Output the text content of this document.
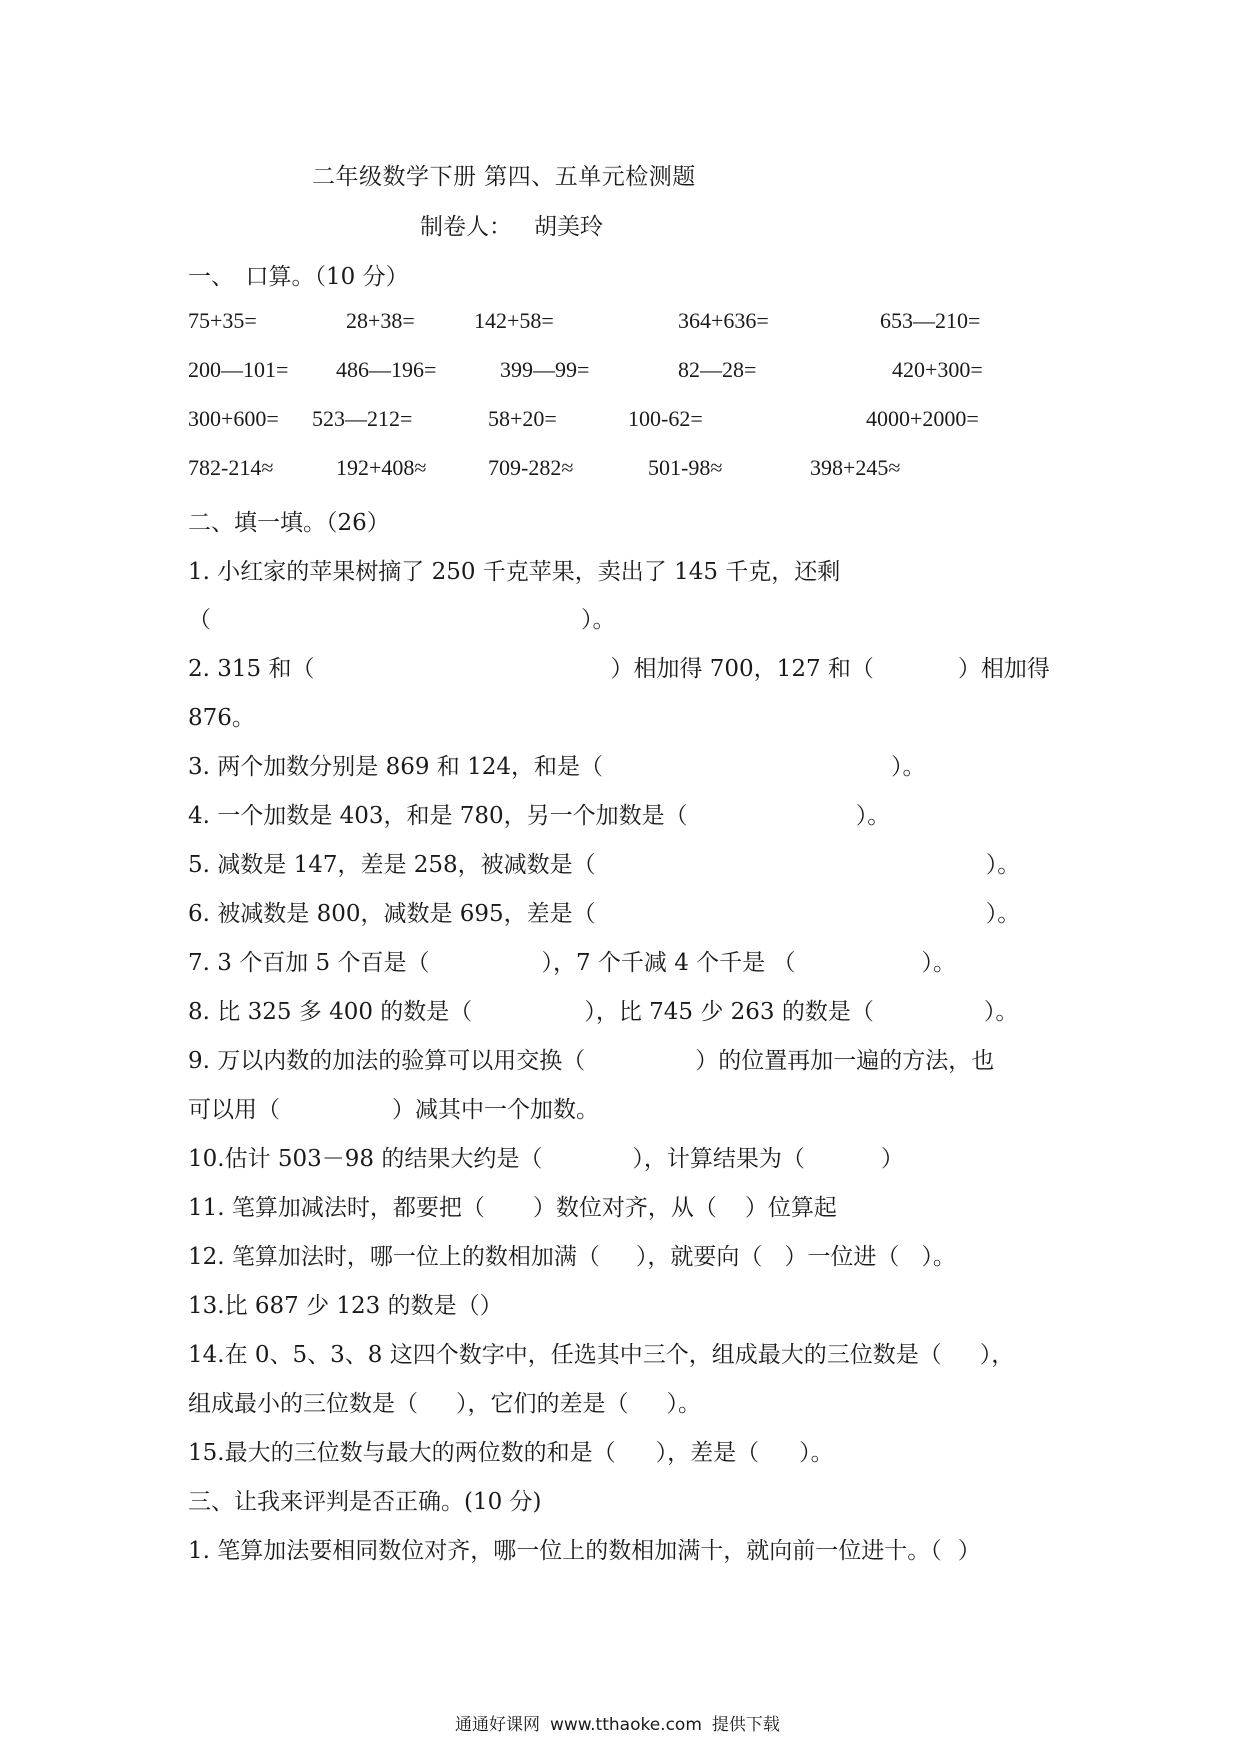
二年级数学下册 第四、五单元检测题
制卷人： 胡美玲
一、　口算。（10 分）
75+35=	28+38=	142+58=	364+636=	653—210=
200—101= 486—196=	399—99=	82—28=	420+300=
300+600= 523—212=	58+20=	100-62=	4000+2000=
782-214≈	192+408≈	709-282≈	501-98≈	398+245≈
二、填一填。（26）
1. 小红家的苹果树摘了 250 千克苹果，卖出了 145 千克，还剩
（	）。
2. 315 和（	）相加得 700，127 和（	）相加得
876。
3. 两个加数分别是 869 和 124，和是（	）。
4. 一个加数是 403，和是 780，另一个加数是（	）。
5. 减数是 147，差是 258，被减数是（	）。
6. 被减数是 800，减数是 695，差是（	）。
7. 3 个百加 5 个百是（	），7 个千减 4 个千是 （	）。
8. 比 325 多 400 的数是（	），比 745 少 263 的数是（	）。
9. 万以内数的加法的验算可以用交换（	）的位置再加一遍的方法，也
可以用（	）减其中一个加数。
10.估计 503－98 的结果大约是（	），计算结果为（	）
11. 笔算加减法时，都要把（ ）数位对齐，从（ ）位算起
12. 笔算加法时，哪一位上的数相加满（ ），就要向（ ）一位进（ ）。
13.比 687 少 123 的数是（）
14.在 0、5、3、8 这四个数字中，任选其中三个，组成最大的三位数是（ ），
组成最小的三位数是（ ），它们的差是（ ）。
15.最大的三位数与最大的两位数的和是（ ），差是（ ）。
三、让我来评判是否正确。(10 分)
1. 笔算加法要相同数位对齐，哪一位上的数相加满十，就向前一位进十。（ ）
通通好课网 www.tthaoke.com 提供下载
